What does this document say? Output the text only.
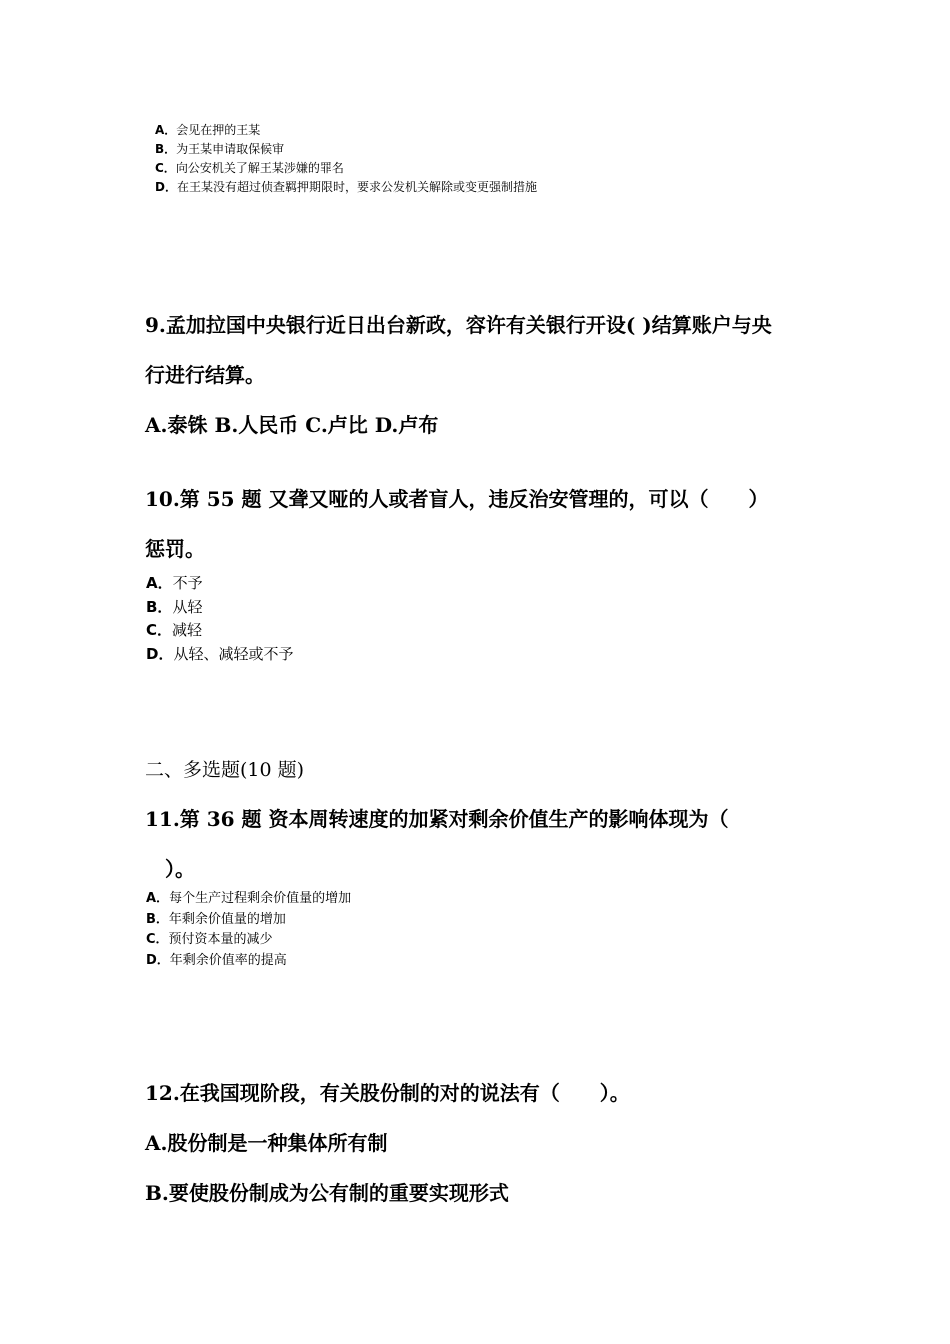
A．会见在押的王某

B．为王某申请取保候审

C．向公安机关了解王某涉嫌的罪名

D．在王某没有超过侦查羁押期限时，要求公发机关解除或变更强制措施

9.孟加拉国中央银行近日出台新政，容许有关银行开设( )结算账户与央

行进行结算。

A.泰铢 B.人民币 C.卢比 D.卢布

10.第 55 题 又聋又哑的人或者盲人，违反治安管理的，可以（　　）

惩罚。

A．不予

B．从轻

C．减轻

D．从轻、减轻或不予

二、多选题(10 题)

11.第 36 题 资本周转速度的加紧对剩余价值生产的影响体现为（

）。

A．每个生产过程剩余价值量的增加

B．年剩余价值量的增加

C．预付资本量的减少

D．年剩余价值率的提高

12.在我国现阶段，有关股份制的对的说法有（　　）。

A.股份制是一种集体所有制

B.要使股份制成为公有制的重要实现形式
